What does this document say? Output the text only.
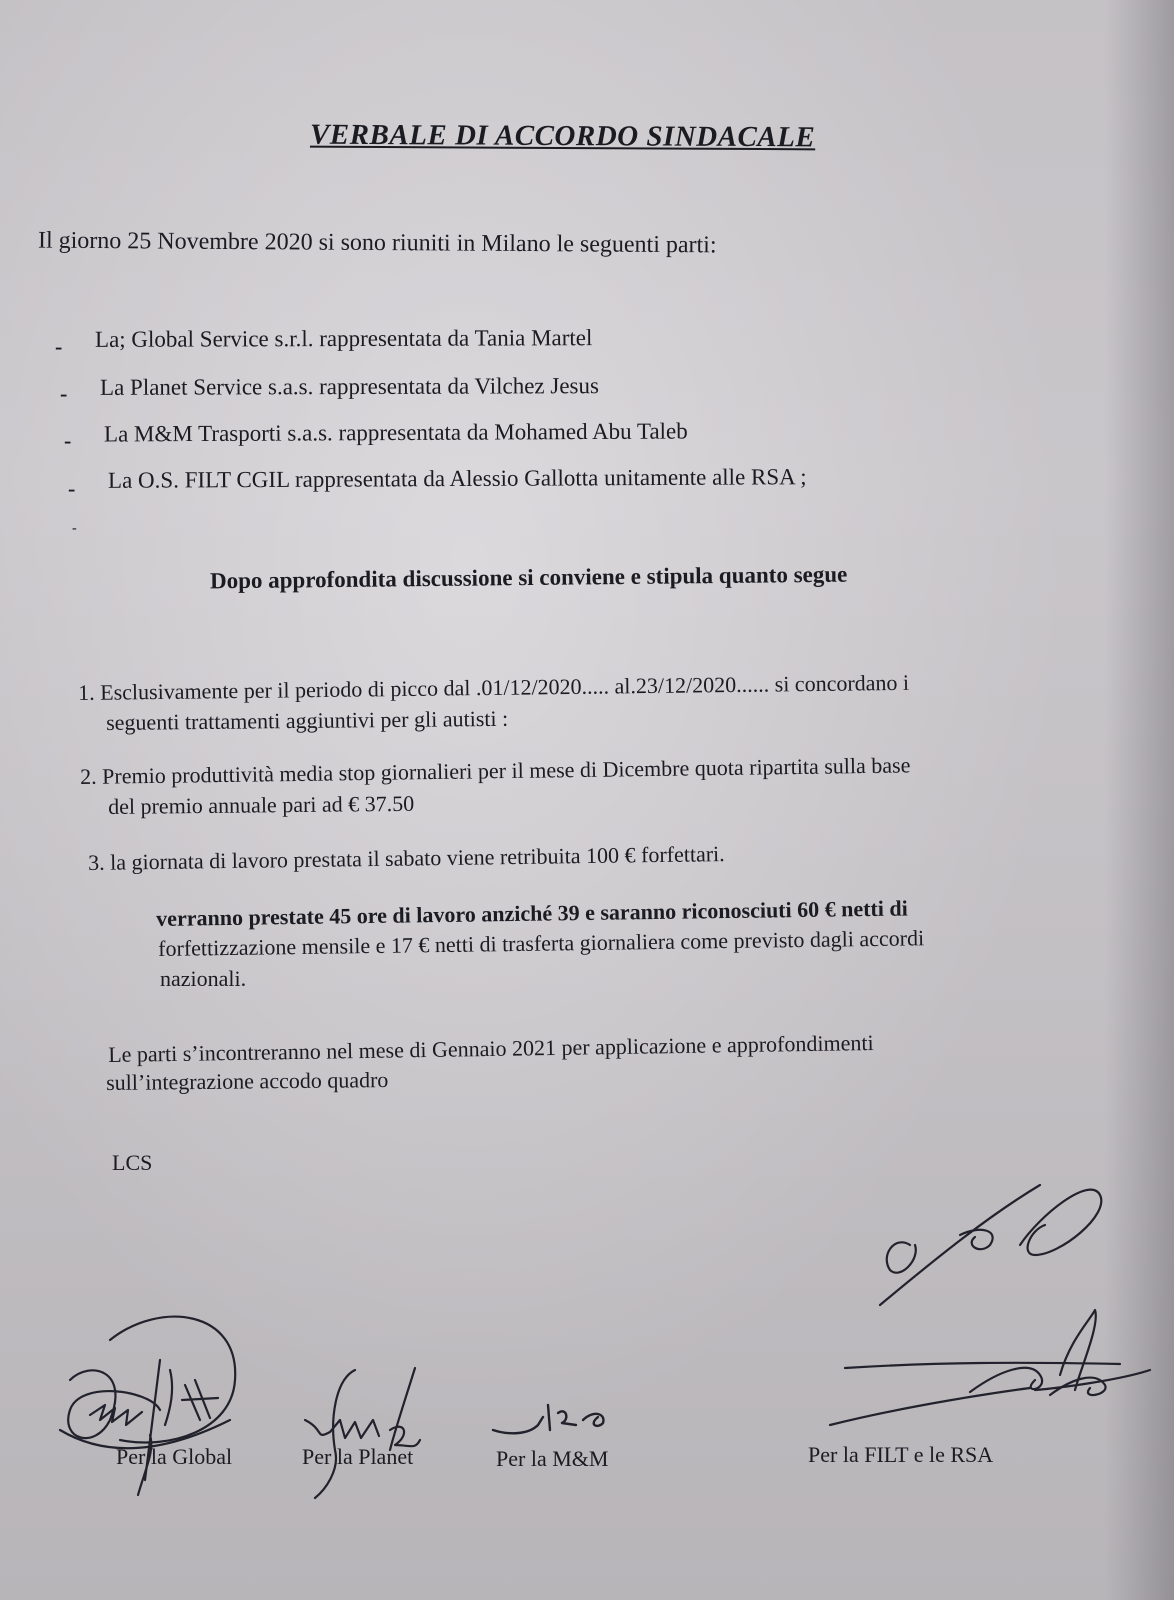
VERBALE DI ACCORDO SINDACALE
Il giorno 25 Novembre 2020 si sono riuniti in Milano le seguenti parti:
- La; Global Service s.r.l. rappresentata da Tania Martel
- La Planet Service s.a.s. rappresentata da Vilchez Jesus
- La M&M Trasporti s.a.s. rappresentata da Mohamed Abu Taleb
- La O.S. FILT CGIL rappresentata da Alessio Gallotta unitamente alle RSA ;
-
Dopo approfondita discussione si conviene e stipula quanto segue
1. Esclusivamente per il periodo di picco dal .01/12/2020..... al.23/12/2020...... si concordano i
seguenti trattamenti aggiuntivi per gli autisti :
2. Premio produttività media stop giornalieri per il mese di Dicembre quota ripartita sulla base
del premio annuale pari ad € 37.50
3. la giornata di lavoro prestata il sabato viene retribuita 100 € forfettari.
verranno prestate 45 ore di lavoro anziché 39 e saranno riconosciuti 60 € netti di
forfettizzazione mensile e 17 € netti di trasferta giornaliera come previsto dagli accordi
nazionali.
Le parti s’incontreranno nel mese di Gennaio 2021 per applicazione e approfondimenti
sull’integrazione accodo quadro
LCS
Per la Global	Per la Planet	Per la M&M	Per la FILT e le RSA
